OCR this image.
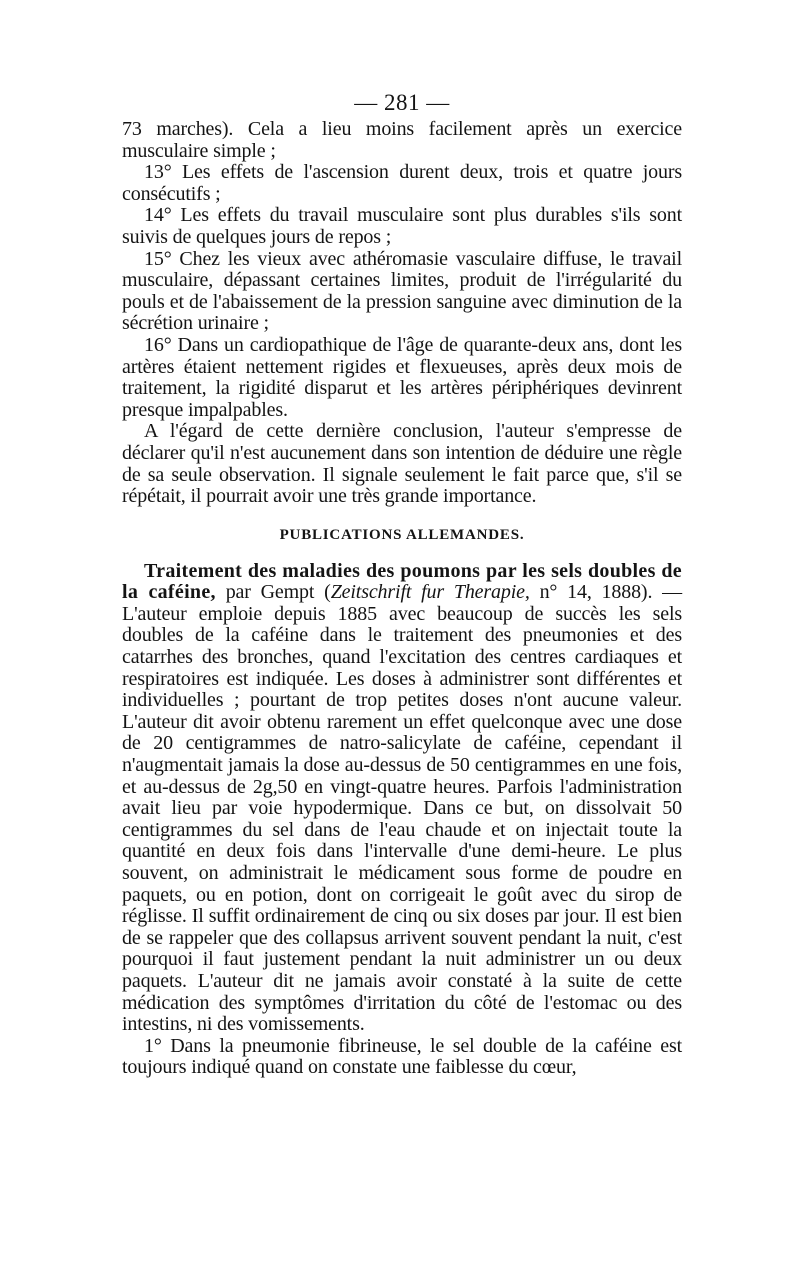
— 281 —

73 marches). Cela a lieu moins facilement après un exercice musculaire simple ;

13° Les effets de l'ascension durent deux, trois et quatre jours consécutifs ;

14° Les effets du travail musculaire sont plus durables s'ils sont suivis de quelques jours de repos ;

15° Chez les vieux avec athéromasie vasculaire diffuse, le travail musculaire, dépassant certaines limites, produit de l'irrégularité du pouls et de l'abaissement de la pression sanguine avec diminution de la sécrétion urinaire ;

16° Dans un cardiopathique de l'âge de quarante-deux ans, dont les artères étaient nettement rigides et flexueuses, après deux mois de traitement, la rigidité disparut et les artères périphériques devinrent presque impalpables.

A l'égard de cette dernière conclusion, l'auteur s'empresse de déclarer qu'il n'est aucunement dans son intention de déduire une règle de sa seule observation. Il signale seulement le fait parce que, s'il se répétait, il pourrait avoir une très grande importance.

PUBLICATIONS ALLEMANDES.

Traitement des maladies des poumons par les sels doubles de la caféine, par Gempt (Zeitschrift fur Therapie, n° 14, 1888). — L'auteur emploie depuis 1885 avec beaucoup de succès les sels doubles de la caféine dans le traitement des pneumonies et des catarrhes des bronches, quand l'excitation des centres cardiaques et respiratoires est indiquée. Les doses à administrer sont différentes et individuelles ; pourtant de trop petites doses n'ont aucune valeur. L'auteur dit avoir obtenu rarement un effet quelconque avec une dose de 20 centigrammes de natro-salicylate de caféine, cependant il n'augmentait jamais la dose au-dessus de 50 centigrammes en une fois, et au-dessus de 2g,50 en vingt-quatre heures. Parfois l'administration avait lieu par voie hypodermique. Dans ce but, on dissolvait 50 centigrammes du sel dans de l'eau chaude et on injectait toute la quantité en deux fois dans l'intervalle d'une demi-heure. Le plus souvent, on administrait le médicament sous forme de poudre en paquets, ou en potion, dont on corrigeait le goût avec du sirop de réglisse. Il suffit ordinairement de cinq ou six doses par jour. Il est bien de se rappeler que des collapsus arrivent souvent pendant la nuit, c'est pourquoi il faut justement pendant la nuit administrer un ou deux paquets. L'auteur dit ne jamais avoir constaté à la suite de cette médication des symptômes d'irritation du côté de l'estomac ou des intestins, ni des vomissements.

1° Dans la pneumonie fibrineuse, le sel double de la caféine est toujours indiqué quand on constate une faiblesse du cœur,
